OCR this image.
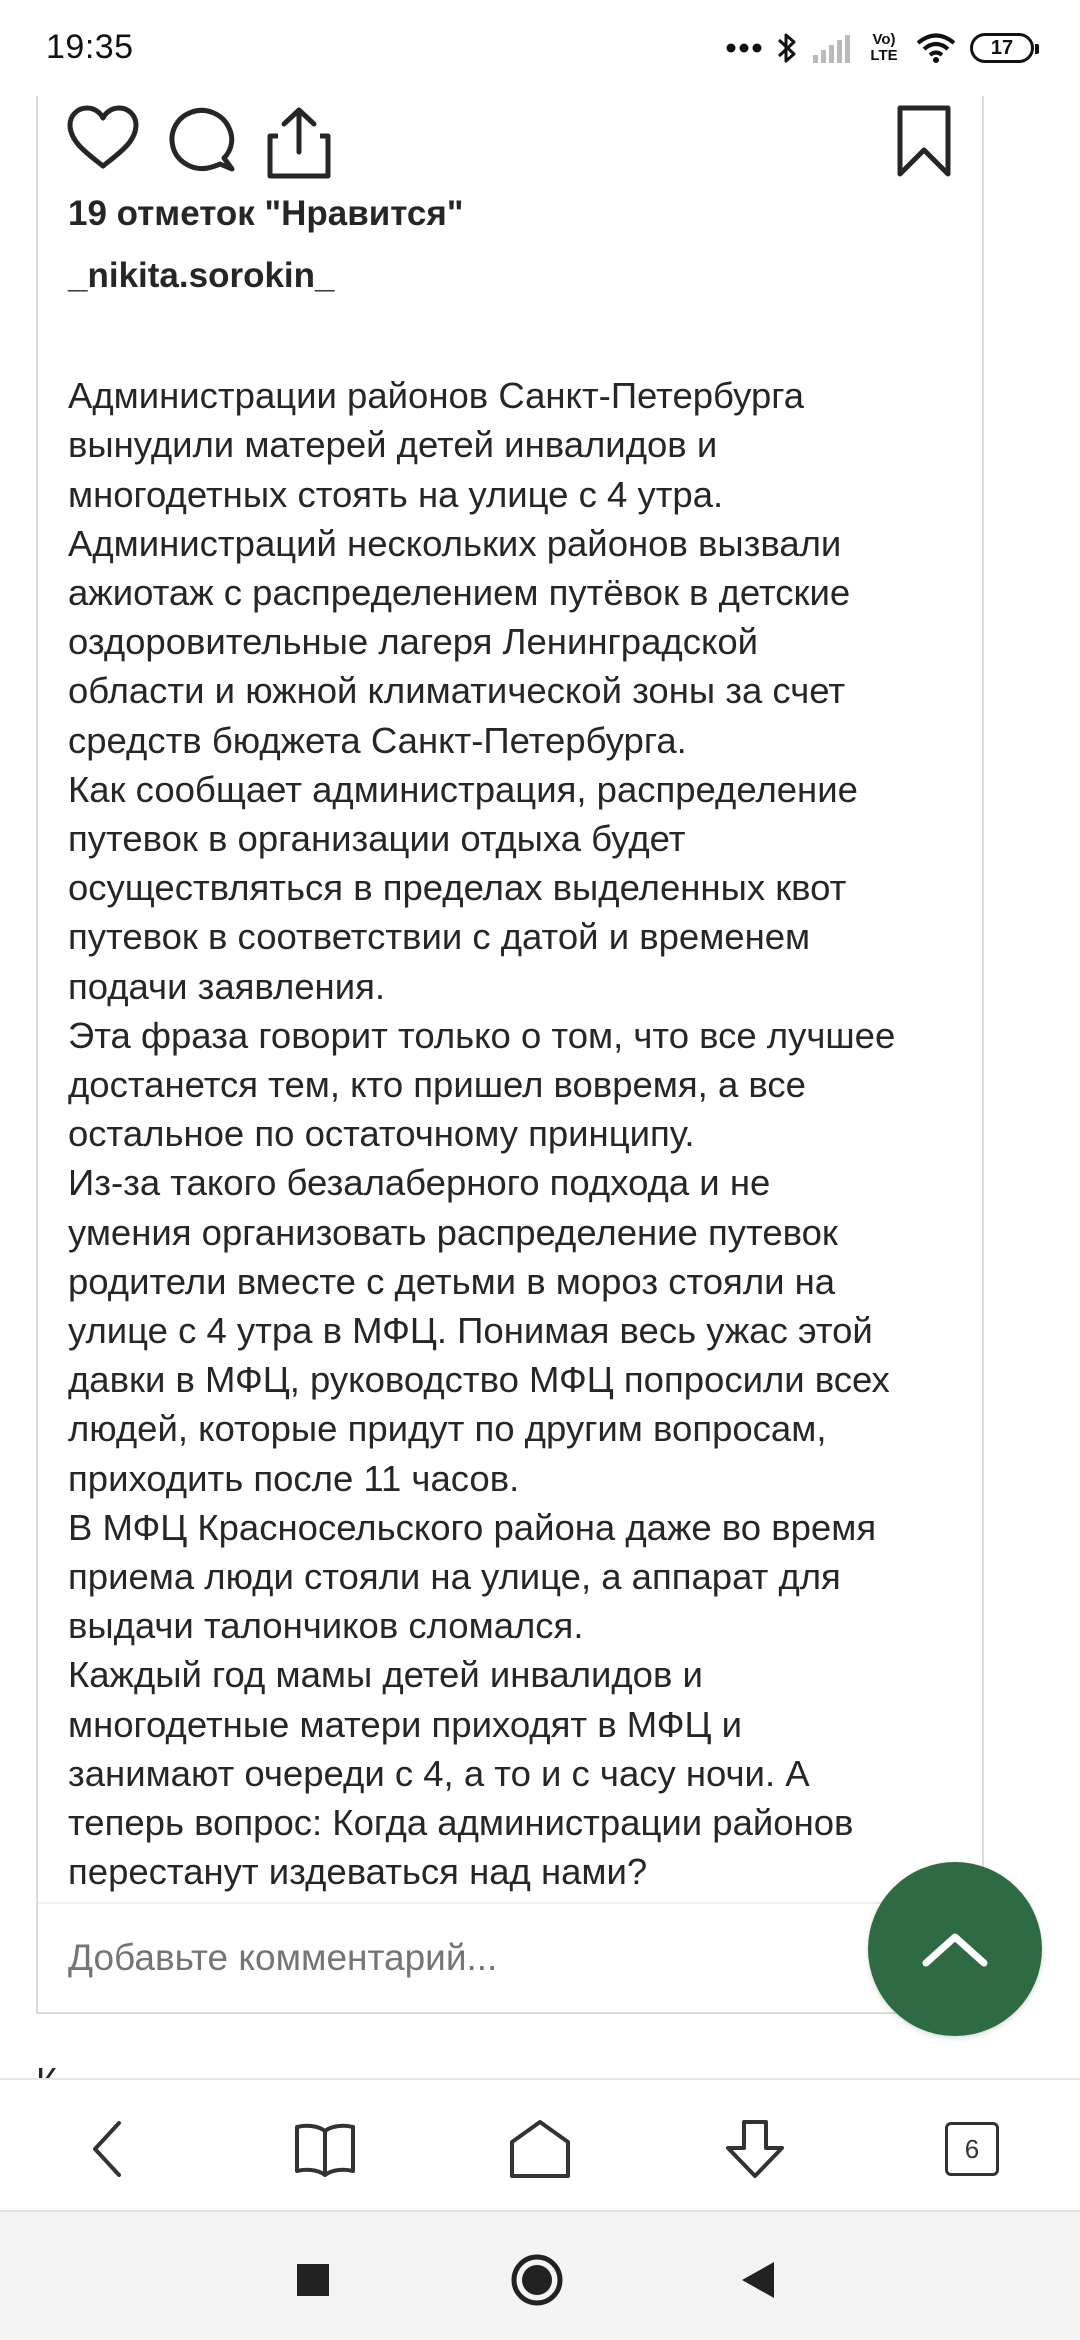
19:35	Vo) LTE	17
19 отметок "Нравится"
_nikita.sorokin_

Администрации районов Санкт-Петербурга
вынудили матерей детей инвалидов и
многодетных стоять на улице с 4 утра.
Администраций нескольких районов вызвали
ажиотаж с распределением путёвок в детские
оздоровительные лагеря Ленинградской
области и южной климатической зоны за счет
средств бюджета Санкт-Петербурга.
Как сообщает администрация, распределение
путевок в организации отдыха будет
осуществляться в пределах выделенных квот
путевок в соответствии с датой и временем
подачи заявления.
Эта фраза говорит только о том, что все лучшее
достанется тем, кто пришел вовремя, а все
остальное по остаточному принципу.
Из-за такого безалаберного подхода и не
умения организовать распределение путевок
родители вместе с детьми в мороз стояли на
улице с 4 утра в МФЦ. Понимая весь ужас этой
давки в МФЦ, руководство МФЦ попросили всех
людей, которые придут по другим вопросам,
приходить после 11 часов.
В МФЦ Красносельского района даже во время
приема люди стояли на улице, а аппарат для
выдачи талончиков сломался.
Каждый год мамы детей инвалидов и
многодетные матери приходят в МФЦ и
занимают очереди с 4, а то и с часу ночи. А
теперь вопрос: Когда администрации районов
перестанут издеваться над нами?
Добавьте комментарий...
6
